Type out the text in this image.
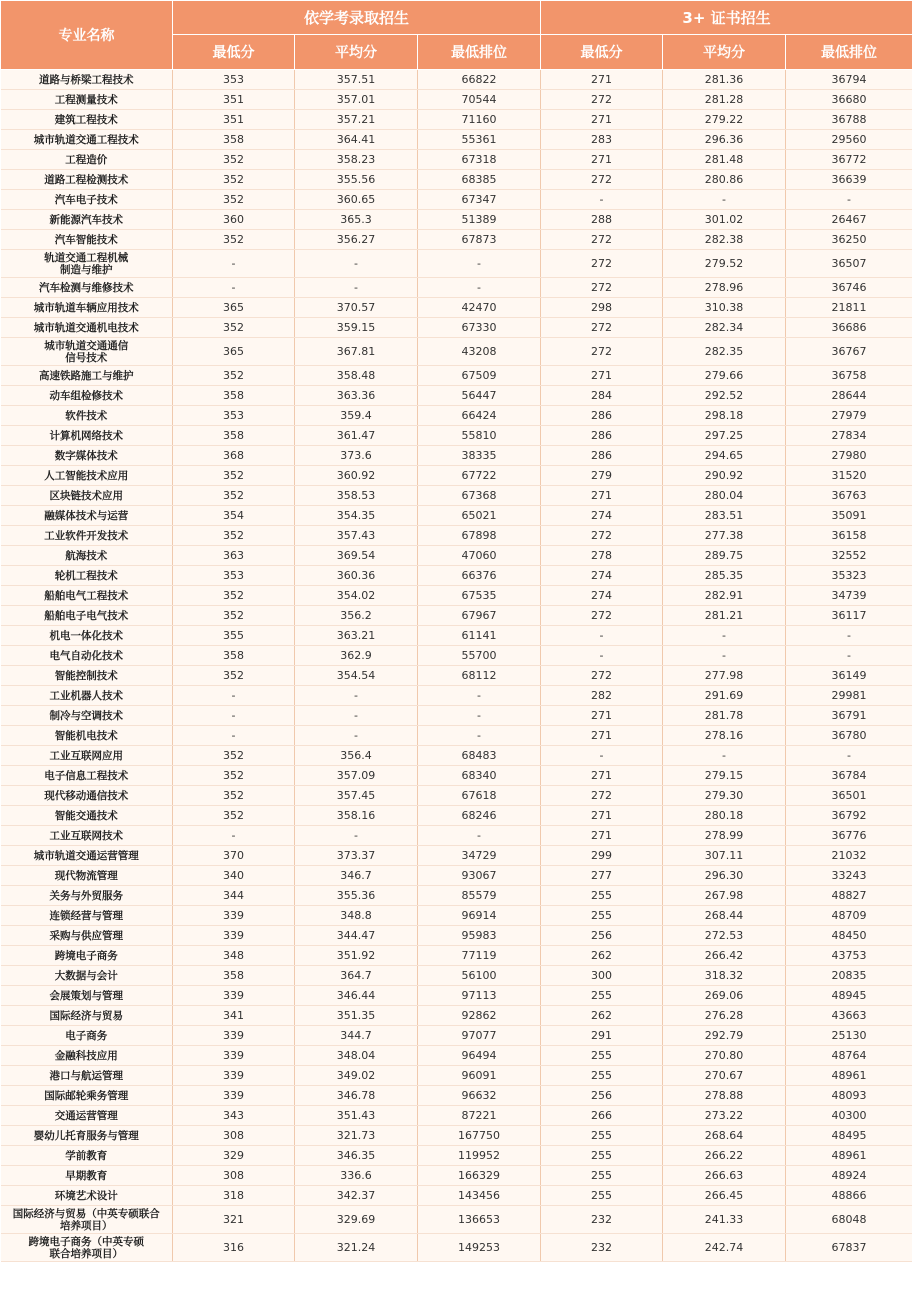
专业名称	依学考录取招生			3+ 证书招生		
	最低分	平均分	最低排位	最低分	平均分	最低排位
道路与桥梁工程技术	353	357.51	66822	271	281.36	36794
工程测量技术	351	357.01	70544	272	281.28	36680
建筑工程技术	351	357.21	71160	271	279.22	36788
城市轨道交通工程技术	358	364.41	55361	283	296.36	29560
工程造价	352	358.23	67318	271	281.48	36772
道路工程检测技术	352	355.56	68385	272	280.86	36639
汽车电子技术	352	360.65	67347	-	-	-
新能源汽车技术	360	365.3	51389	288	301.02	26467
汽车智能技术	352	356.27	67873	272	282.38	36250
轨道交通工程机械
制造与维护	-	-	-	272	279.52	36507
汽车检测与维修技术	-	-	-	272	278.96	36746
城市轨道车辆应用技术	365	370.57	42470	298	310.38	21811
城市轨道交通机电技术	352	359.15	67330	272	282.34	36686
城市轨道交通通信
信号技术	365	367.81	43208	272	282.35	36767
高速铁路施工与维护	352	358.48	67509	271	279.66	36758
动车组检修技术	358	363.36	56447	284	292.52	28644
软件技术	353	359.4	66424	286	298.18	27979
计算机网络技术	358	361.47	55810	286	297.25	27834
数字媒体技术	368	373.6	38335	286	294.65	27980
人工智能技术应用	352	360.92	67722	279	290.92	31520
区块链技术应用	352	358.53	67368	271	280.04	36763
融媒体技术与运营	354	354.35	65021	274	283.51	35091
工业软件开发技术	352	357.43	67898	272	277.38	36158
航海技术	363	369.54	47060	278	289.75	32552
轮机工程技术	353	360.36	66376	274	285.35	35323
船舶电气工程技术	352	354.02	67535	274	282.91	34739
船舶电子电气技术	352	356.2	67967	272	281.21	36117
机电一体化技术	355	363.21	61141	-	-	-
电气自动化技术	358	362.9	55700	-	-	-
智能控制技术	352	354.54	68112	272	277.98	36149
工业机器人技术	-	-	-	282	291.69	29981
制冷与空调技术	-	-	-	271	281.78	36791
智能机电技术	-	-	-	271	278.16	36780
工业互联网应用	352	356.4	68483	-	-	-
电子信息工程技术	352	357.09	68340	271	279.15	36784
现代移动通信技术	352	357.45	67618	272	279.30	36501
智能交通技术	352	358.16	68246	271	280.18	36792
工业互联网技术	-	-	-	271	278.99	36776
城市轨道交通运营管理	370	373.37	34729	299	307.11	21032
现代物流管理	340	346.7	93067	277	296.30	33243
关务与外贸服务	344	355.36	85579	255	267.98	48827
连锁经营与管理	339	348.8	96914	255	268.44	48709
采购与供应管理	339	344.47	95983	256	272.53	48450
跨境电子商务	348	351.92	77119	262	266.42	43753
大数据与会计	358	364.7	56100	300	318.32	20835
会展策划与管理	339	346.44	97113	255	269.06	48945
国际经济与贸易	341	351.35	92862	262	276.28	43663
电子商务	339	344.7	97077	291	292.79	25130
金融科技应用	339	348.04	96494	255	270.80	48764
港口与航运管理	339	349.02	96091	255	270.67	48961
国际邮轮乘务管理	339	346.78	96632	256	278.88	48093
交通运营管理	343	351.43	87221	266	273.22	40300
婴幼儿托育服务与管理	308	321.73	167750	255	268.64	48495
学前教育	329	346.35	119952	255	266.22	48961
早期教育	308	336.6	166329	255	266.63	48924
环境艺术设计	318	342.37	143456	255	266.45	48866
国际经济与贸易（中英专硕联合
培养项目）	321	329.69	136653	232	241.33	68048
跨境电子商务（中英专硕
联合培养项目）	316	321.24	149253	232	242.74	67837
